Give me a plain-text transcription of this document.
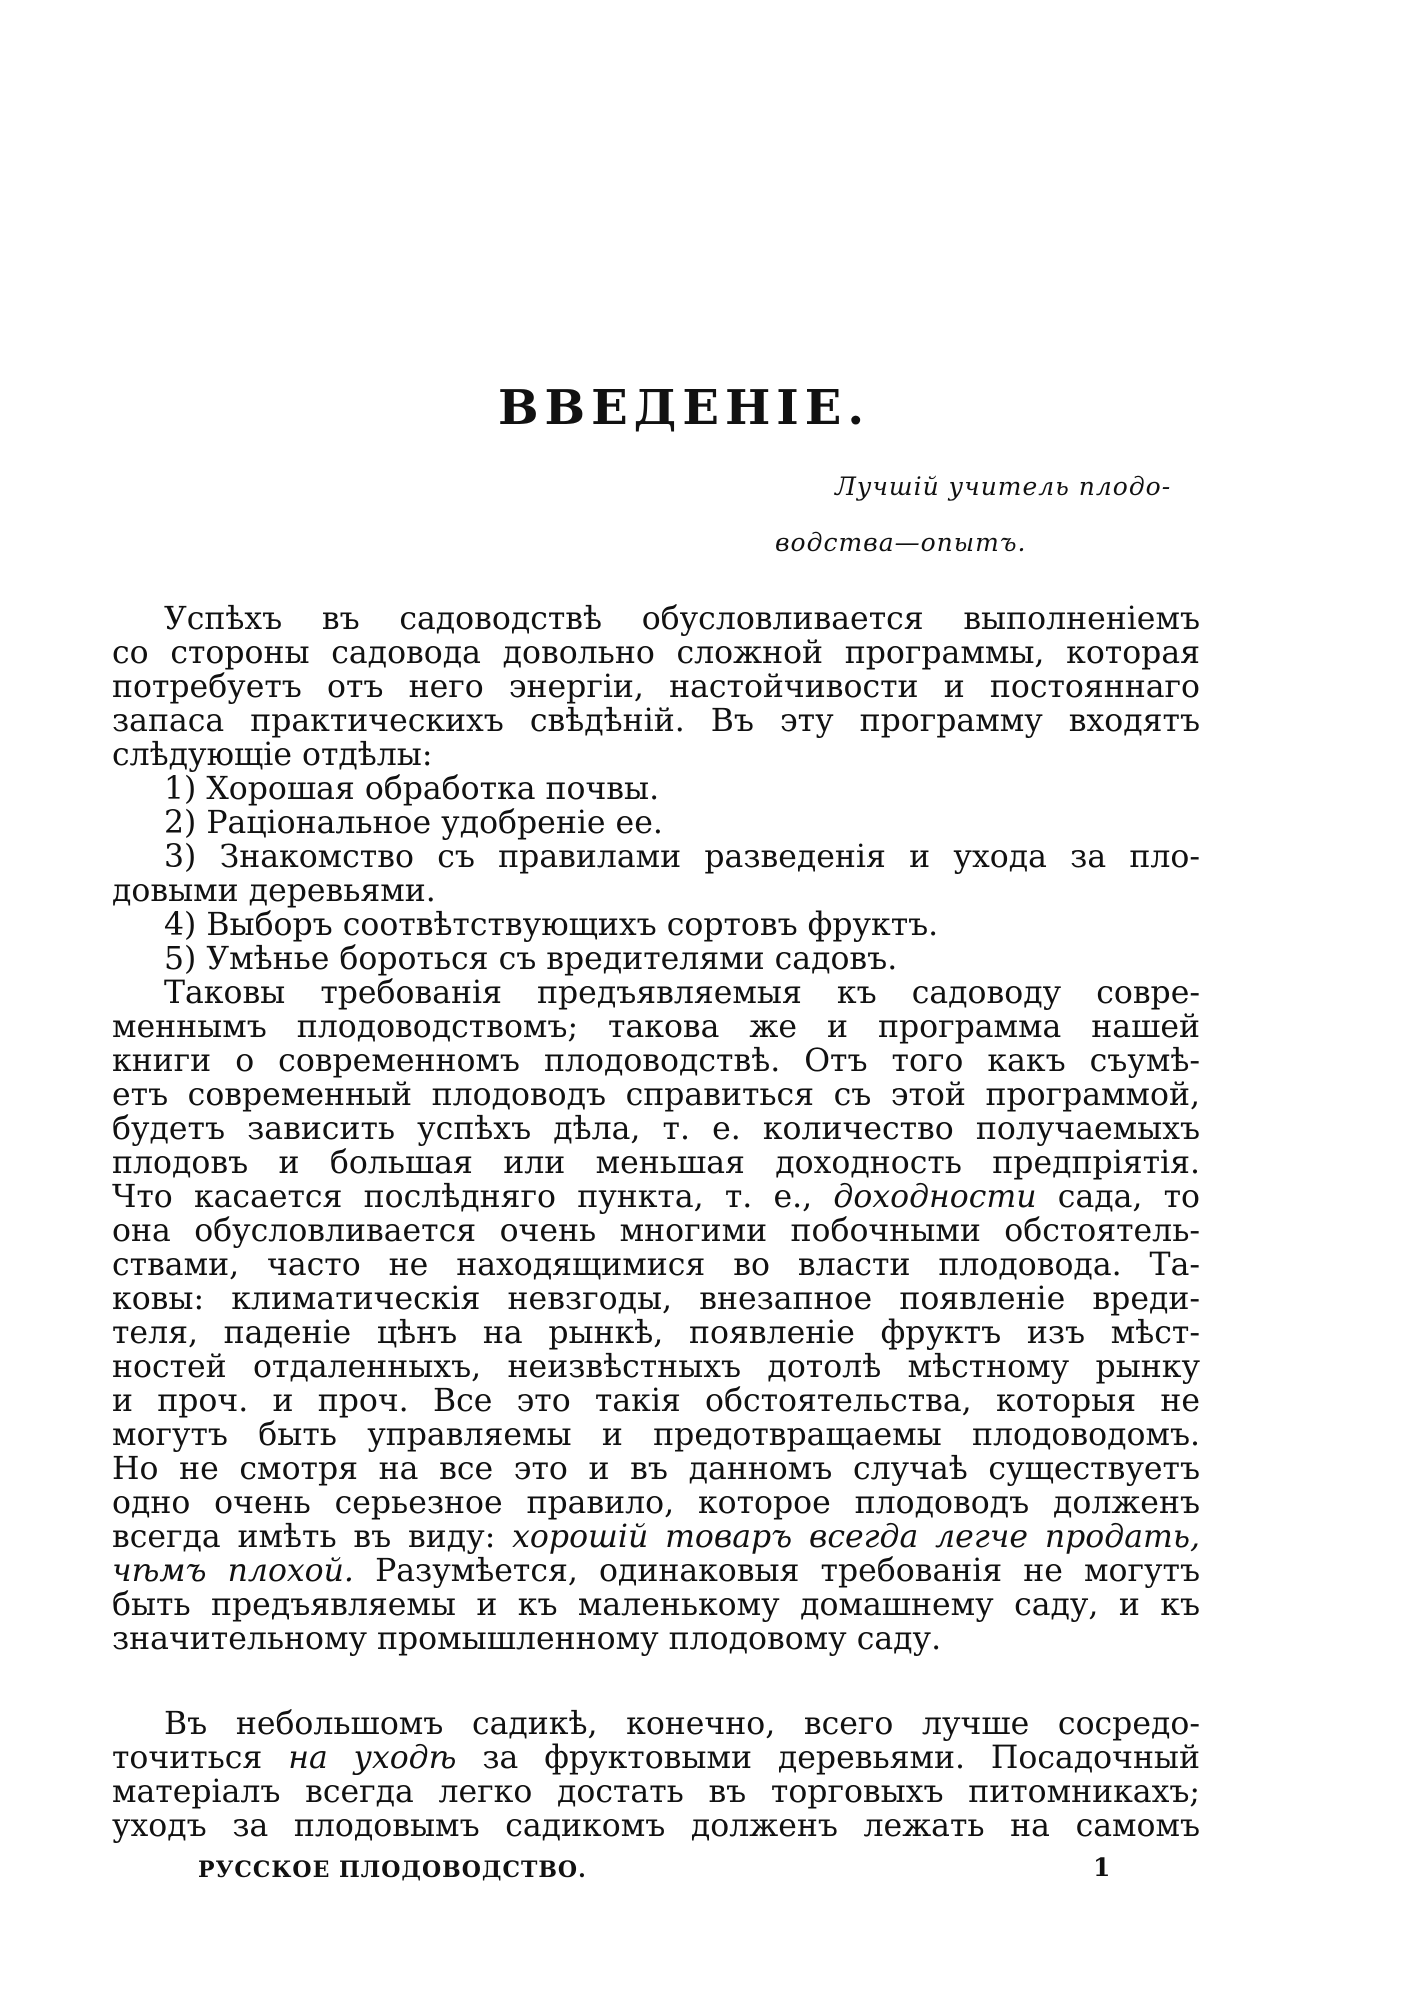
ВВЕДЕНІЕ.
Лучшій учитель плодо-
водства—опытъ.
Успѣхъ въ садоводствѣ обусловливается выполненіемъ
со стороны садовода довольно сложной программы, которая
потребуетъ отъ него энергіи, настойчивости и постояннаго
запаса практическихъ свѣдѣній. Въ эту программу входятъ
слѣдующіе отдѣлы:
1) Хорошая обработка почвы.
2) Раціональное удобреніе ее.
3) Знакомство съ правилами разведенія и ухода за пло-
довыми деревьями.
4) Выборъ соотвѣтствующихъ сортовъ фруктъ.
5) Умѣнье бороться съ вредителями садовъ.
Таковы требованія предъявляемыя къ садоводу совре-
меннымъ плодоводствомъ; такова же и программа нашей
книги о современномъ плодоводствѣ. Отъ того какъ съумѣ-
етъ современный плодоводъ справиться съ этой программой,
будетъ зависить успѣхъ дѣла, т. е. количество получаемыхъ
плодовъ и большая или меньшая доходность предпріятія.
Что касается послѣдняго пункта, т. е., доходности сада, то
она обусловливается очень многими побочными обстоятель-
ствами, часто не находящимися во власти плодовода. Та-
ковы: климатическія невзгоды, внезапное появленіе вреди-
теля, паденіе цѣнъ на рынкѣ, появленіе фруктъ изъ мѣст-
ностей отдаленныхъ, неизвѣстныхъ дотолѣ мѣстному рынку
и проч. и проч. Все это такія обстоятельства, которыя не
могутъ быть управляемы и предотвращаемы плодоводомъ.
Но не смотря на все это и въ данномъ случаѣ существуетъ
одно очень серьезное правило, которое плодоводъ долженъ
всегда имѣть въ виду: хорошій товаръ всегда легче продать,
чѣмъ плохой. Разумѣется, одинаковыя требованія не могутъ
быть предъявляемы и къ маленькому домашнему саду, и къ
значительному промышленному плодовому саду.
Въ небольшомъ садикѣ, конечно, всего лучше сосредо-
точиться на уходѣ за фруктовыми деревьями. Посадочный
матеріалъ всегда легко достать въ торговыхъ питомникахъ;
уходъ за плодовымъ садикомъ долженъ лежать на самомъ
РУССКОЕ ПЛОДОВОДСТВО.	1
